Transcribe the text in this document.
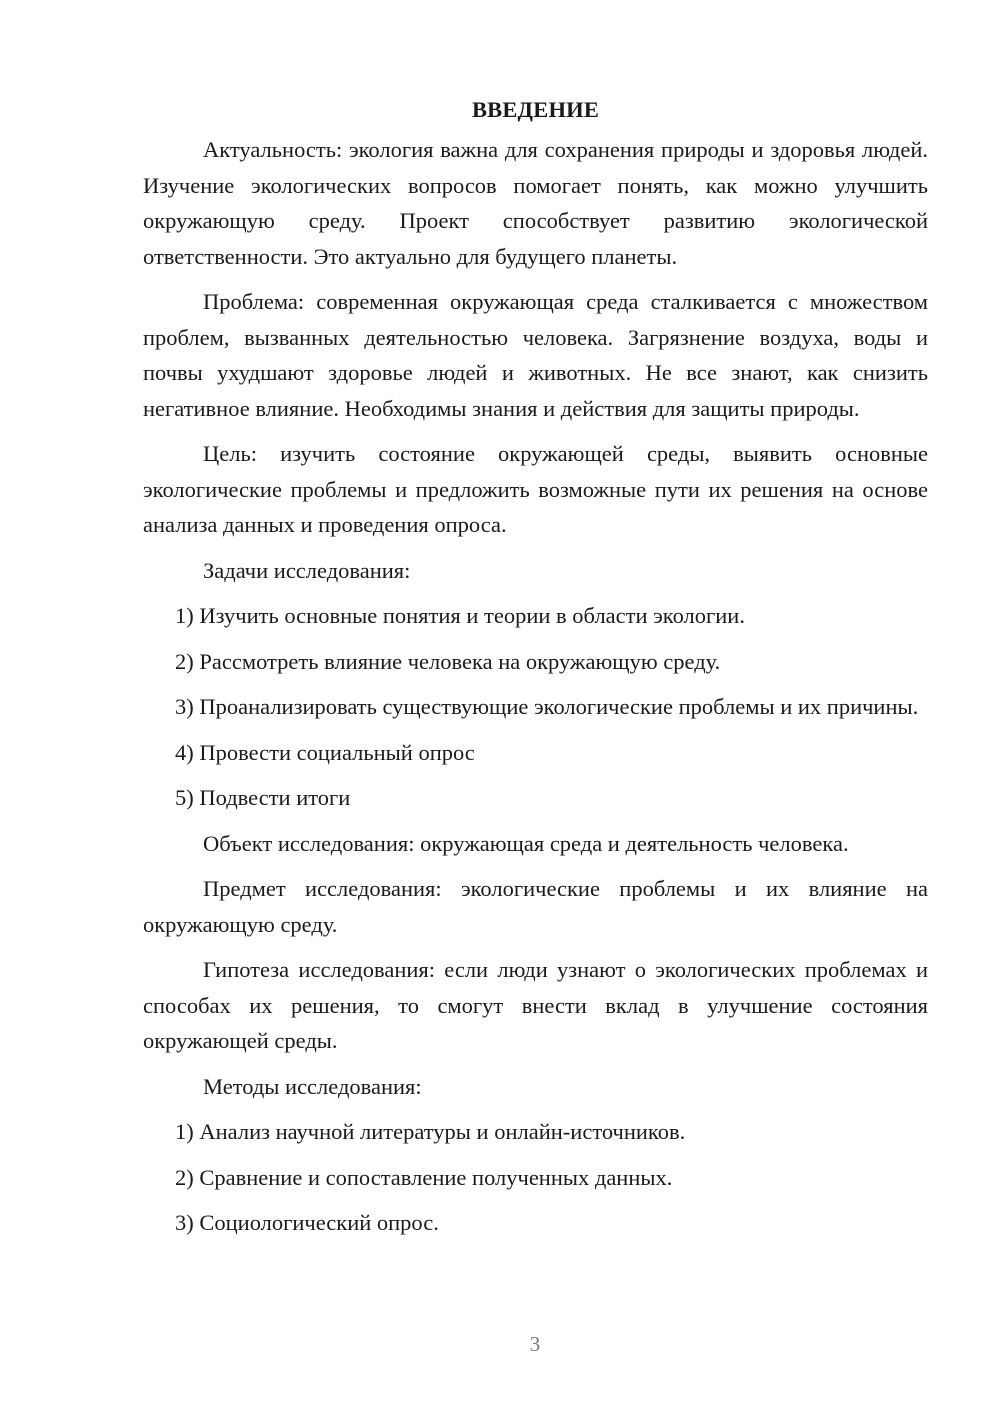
ВВЕДЕНИЕ

Актуальность: экология важна для сохранения природы и здоровья людей. Изучение экологических вопросов помогает понять, как можно улучшить окружающую среду. Проект способствует развитию экологической ответственности. Это актуально для будущего планеты.

Проблема: современная окружающая среда сталкивается с множеством проблем, вызванных деятельностью человека. Загрязнение воздуха, воды и почвы ухудшают здоровье людей и животных. Не все знают, как снизить негативное влияние. Необходимы знания и действия для защиты природы.

Цель: изучить состояние окружающей среды, выявить основные экологические проблемы и предложить возможные пути их решения на основе анализа данных и проведения опроса.

Задачи исследования:

1) Изучить основные понятия и теории в области экологии.

2) Рассмотреть влияние человека на окружающую среду.

3) Проанализировать существующие экологические проблемы и их причины.

4) Провести социальный опрос

5) Подвести итоги

Объект исследования: окружающая среда и деятельность человека.

Предмет исследования: экологические проблемы и их влияние на окружающую среду.

Гипотеза исследования: если люди узнают о экологических проблемах и способах их решения, то смогут внести вклад в улучшение состояния окружающей среды.

Методы исследования:

1) Анализ научной литературы и онлайн-источников.

2) Сравнение и сопоставление полученных данных.

3) Социологический опрос.

3
